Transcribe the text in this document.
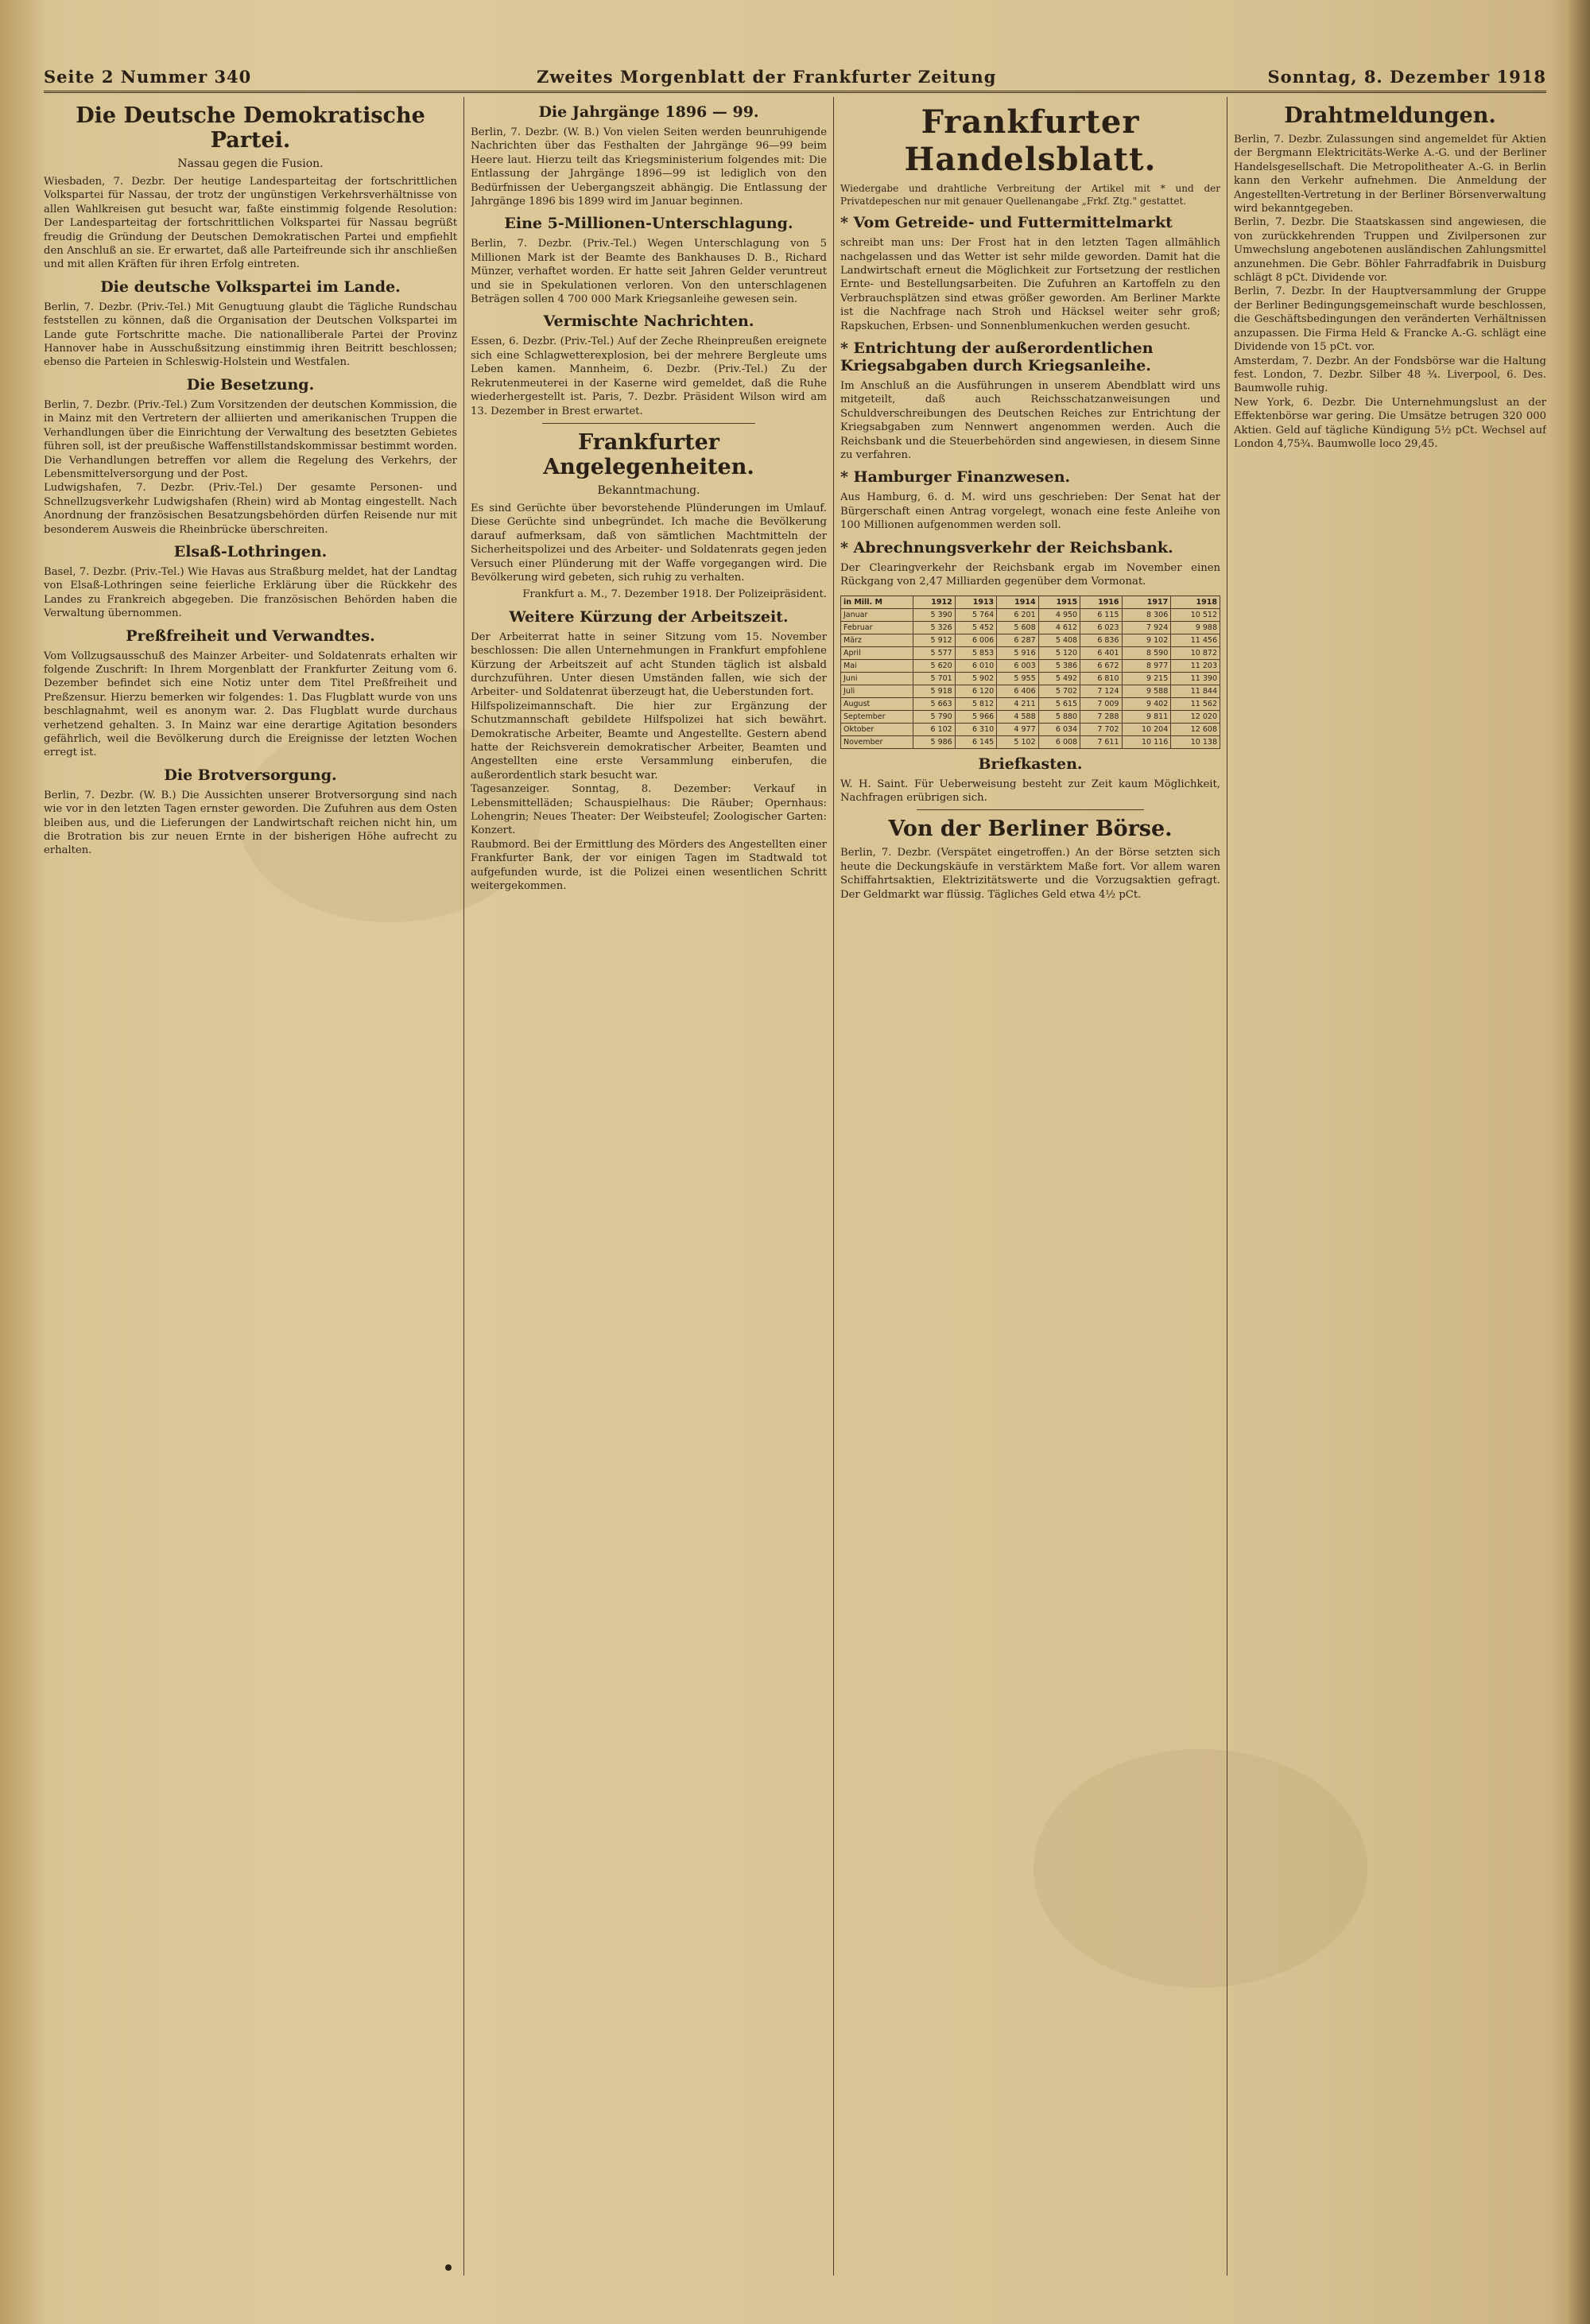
Seite 2 Nummer 340	Zweites Morgenblatt der Frankfurter Zeitung	Sonntag, 8. Dezember 1918
Die Deutsche Demokratische Partei.
Nassau gegen die Fusion.

Wiesbaden, 7. Dezbr. Der heutige Landesparteitag der fortschrittlichen Volkspartei für Nassau, der trotz der ungünstigen Verkehrsverhältnisse von allen Wahlkreisen gut besucht war, faßte einstimmig folgende Resolution: Der Landesparteitag der fortschrittlichen Volkspartei für Nassau begrüßt freudig die Gründung der Deutschen Demokratischen Partei und empfiehlt den Anschluß an sie. Er erwartet, daß alle Parteifreunde sich ihr anschließen und mit allen Kräften für ihren Erfolg eintreten.

Die deutsche Volkspartei im Lande.

Berlin, 7. Dezbr. (Priv.-Tel.) Mit Genugtuung glaubt die Tägliche Rundschau feststellen zu können, daß die Organisation der Deutschen Volkspartei im Lande gute Fortschritte mache. Die nationalliberale Partei der Provinz Hannover habe in Ausschußsitzung einstimmig ihren Beitritt beschlossen; ebenso die Parteien in Schleswig-Holstein und Westfalen.

Die Besetzung.

Berlin, 7. Dezbr. (Priv.-Tel.) Zum Vorsitzenden der deutschen Kommission, die in Mainz mit den Vertretern der alliierten und amerikanischen Truppen die Verhandlungen über die Einrichtung der Verwaltung des besetzten Gebietes führen soll, ist der preußische Waffenstillstandskommissar bestimmt worden. Die Verhandlungen betreffen vor allem die Regelung des Verkehrs, der Lebensmittelversorgung und der Post.

Ludwigshafen, 7. Dezbr. (Priv.-Tel.) Der gesamte Personen- und Schnellzugsverkehr Ludwigshafen (Rhein) wird ab Montag eingestellt. Nach Anordnung der französischen Besatzungsbehörden dürfen Reisende nur mit besonderem Ausweis die Rheinbrücke überschreiten.

Elsaß-Lothringen.

Basel, 7. Dezbr. (Priv.-Tel.) Wie Havas aus Straßburg meldet, hat der Landtag von Elsaß-Lothringen seine feierliche Erklärung über die Rückkehr des Landes zu Frankreich abgegeben. Die französischen Behörden haben die Verwaltung übernommen.

Preßfreiheit und Verwandtes.

Vom Vollzugsausschuß des Mainzer Arbeiter- und Soldatenrats erhalten wir folgende Zuschrift: In Ihrem Morgenblatt der Frankfurter Zeitung vom 6. Dezember befindet sich eine Notiz unter dem Titel Preßfreiheit und Preßzensur. Hierzu bemerken wir folgendes: 1. Das Flugblatt wurde von uns beschlagnahmt, weil es anonym war. 2. Das Flugblatt wurde durchaus verhetzend gehalten. 3. In Mainz war eine derartige Agitation besonders gefährlich, weil die Bevölkerung durch die Ereignisse der letzten Wochen erregt ist.

Die Brotversorgung.

Berlin, 7. Dezbr. (W. B.) Die Aussichten unserer Brotversorgung sind nach wie vor in den letzten Tagen ernster geworden. Die Zufuhren aus dem Osten bleiben aus, und die Lieferungen der Landwirtschaft reichen nicht hin, um die Brotration bis zur neuen Ernte in der bisherigen Höhe aufrecht zu erhalten.

Die Jahrgänge 1896 — 99.

Berlin, 7. Dezbr. (W. B.) Von vielen Seiten werden beunruhigende Nachrichten über das Festhalten der Jahrgänge 96—99 beim Heere laut. Hierzu teilt das Kriegsministerium folgendes mit: Die Entlassung der Jahrgänge 1896—99 ist lediglich von den Bedürfnissen der Uebergangszeit abhängig. Die Entlassung der Jahrgänge 1896 bis 1899 wird im Januar beginnen.

Eine 5-Millionen-Unterschlagung.

Berlin, 7. Dezbr. (Priv.-Tel.) Wegen Unterschlagung von 5 Millionen Mark ist der Beamte des Bankhauses D. B., Richard Münzer, verhaftet worden. Er hatte seit Jahren Gelder veruntreut und sie in Spekulationen verloren. Von den unterschlagenen Beträgen sollen 4 700 000 Mark Kriegsanleihe gewesen sein.

Vermischte Nachrichten.

Essen, 6. Dezbr. (Priv.-Tel.) Auf der Zeche Rheinpreußen ereignete sich eine Schlagwetterexplosion, bei der mehrere Bergleute ums Leben kamen. Mannheim, 6. Dezbr. (Priv.-Tel.) Zu der Rekrutenmeuterei in der Kaserne wird gemeldet, daß die Ruhe wiederhergestellt ist. Paris, 7. Dezbr. Präsident Wilson wird am 13. Dezember in Brest erwartet.

Frankfurter Angelegenheiten.
Bekanntmachung.

Es sind Gerüchte über bevorstehende Plünderungen im Umlauf. Diese Gerüchte sind unbegründet. Ich mache die Bevölkerung darauf aufmerksam, daß von sämtlichen Machtmitteln der Sicherheitspolizei und des Arbeiter- und Soldatenrats gegen jeden Versuch einer Plünderung mit der Waffe vorgegangen wird. Die Bevölkerung wird gebeten, sich ruhig zu verhalten.

Frankfurt a. M., 7. Dezember 1918. Der Polizeipräsident.

Weitere Kürzung der Arbeitszeit.

Der Arbeiterrat hatte in seiner Sitzung vom 15. November beschlossen: Die allen Unternehmungen in Frankfurt empfohlene Kürzung der Arbeitszeit auf acht Stunden täglich ist alsbald durchzuführen. Unter diesen Umständen fallen, wie sich der Arbeiter- und Soldatenrat überzeugt hat, die Ueberstunden fort.

Hilfspolizeimannschaft. Die hier zur Ergänzung der Schutzmannschaft gebildete Hilfspolizei hat sich bewährt. Demokratische Arbeiter, Beamte und Angestellte. Gestern abend hatte der Reichsverein demokratischer Arbeiter, Beamten und Angestellten eine erste Versammlung einberufen, die außerordentlich stark besucht war.

Tagesanzeiger. Sonntag, 8. Dezember: Verkauf in Lebensmittelläden; Schauspielhaus: Die Räuber; Opernhaus: Lohengrin; Neues Theater: Der Weibsteufel; Zoologischer Garten: Konzert.

Raubmord. Bei der Ermittlung des Mörders des Angestellten einer Frankfurter Bank, der vor einigen Tagen im Stadtwald tot aufgefunden wurde, ist die Polizei einen wesentlichen Schritt weitergekommen.

Frankfurter Handelsblatt.

Wiedergabe und drahtliche Verbreitung der Artikel mit * und der Privatdepeschen nur mit genauer Quellenangabe „Frkf. Ztg." gestattet.

* Vom Getreide- und Futtermittelmarkt

schreibt man uns: Der Frost hat in den letzten Tagen allmählich nachgelassen und das Wetter ist sehr milde geworden. Damit hat die Landwirtschaft erneut die Möglichkeit zur Fortsetzung der restlichen Ernte- und Bestellungsarbeiten. Die Zufuhren an Kartoffeln zu den Verbrauchsplätzen sind etwas größer geworden. Am Berliner Markte ist die Nachfrage nach Stroh und Häcksel weiter sehr groß; Rapskuchen, Erbsen- und Sonnenblumenkuchen werden gesucht.

* Entrichtung der außerordentlichen Kriegsabgaben durch Kriegsanleihe.

Im Anschluß an die Ausführungen in unserem Abendblatt wird uns mitgeteilt, daß auch Reichsschatzanweisungen und Schuldverschreibungen des Deutschen Reiches zur Entrichtung der Kriegsabgaben zum Nennwert angenommen werden. Auch die Reichsbank und die Steuerbehörden sind angewiesen, in diesem Sinne zu verfahren.

* Hamburger Finanzwesen.

Aus Hamburg, 6. d. M. wird uns geschrieben: Der Senat hat der Bürgerschaft einen Antrag vorgelegt, wonach eine feste Anleihe von 100 Millionen aufgenommen werden soll.

* Abrechnungsverkehr der Reichsbank.

Der Clearingverkehr der Reichsbank ergab im November einen Rückgang von 2,47 Milliarden gegenüber dem Vormonat.

in Mill. M	1912	1913	1914	1915	1916	1917	1918
Januar	5 390	5 764	6 201	4 950	6 115	8 306	10 512
Februar	5 326	5 452	5 608	4 612	6 023	7 924	9 988
März	5 912	6 006	6 287	5 408	6 836	9 102	11 456
April	5 577	5 853	5 916	5 120	6 401	8 590	10 872
Mai	5 620	6 010	6 003	5 386	6 672	8 977	11 203
Juni	5 701	5 902	5 955	5 492	6 810	9 215	11 390
Juli	5 918	6 120	6 406	5 702	7 124	9 588	11 844
August	5 663	5 812	4 211	5 615	7 009	9 402	11 562
September	5 790	5 966	4 588	5 880	7 288	9 811	12 020
Oktober	6 102	6 310	4 977	6 034	7 702	10 204	12 608
November	5 986	6 145	5 102	6 008	7 611	10 116	10 138
Briefkasten.

W. H. Saint. Für Ueberweisung besteht zur Zeit kaum Möglichkeit, Nachfragen erübrigen sich.

Von der Berliner Börse.

Berlin, 7. Dezbr. (Verspätet eingetroffen.) An der Börse setzten sich heute die Deckungskäufe in verstärktem Maße fort. Vor allem waren Schiffahrtsaktien, Elektrizitätswerte und die Vorzugsaktien gefragt. Der Geldmarkt war flüssig. Tägliches Geld etwa 4½ pCt.

Drahtmeldungen.

Berlin, 7. Dezbr. Zulassungen sind angemeldet für Aktien der Bergmann Elektricitäts-Werke A.-G. und der Berliner Handelsgesellschaft. Die Metropolitheater A.-G. in Berlin kann den Verkehr aufnehmen. Die Anmeldung der Angestellten-Vertretung in der Berliner Börsenverwaltung wird bekanntgegeben.

Berlin, 7. Dezbr. Die Staatskassen sind angewiesen, die von zurückkehrenden Truppen und Zivilpersonen zur Umwechslung angebotenen ausländischen Zahlungsmittel anzunehmen. Die Gebr. Böhler Fahrradfabrik in Duisburg schlägt 8 pCt. Dividende vor.

Berlin, 7. Dezbr. In der Hauptversammlung der Gruppe der Berliner Bedingungsgemeinschaft wurde beschlossen, die Geschäftsbedingungen den veränderten Verhältnissen anzupassen. Die Firma Held & Francke A.-G. schlägt eine Dividende von 15 pCt. vor.

Amsterdam, 7. Dezbr. An der Fondsbörse war die Haltung fest. London, 7. Dezbr. Silber 48 ¾. Liverpool, 6. Des. Baumwolle ruhig.

New York, 6. Dezbr. Die Unternehmungslust an der Effektenbörse war gering. Die Umsätze betrugen 320 000 Aktien. Geld auf tägliche Kündigung 5½ pCt. Wechsel auf London 4,75¾. Baumwolle loco 29,45.
